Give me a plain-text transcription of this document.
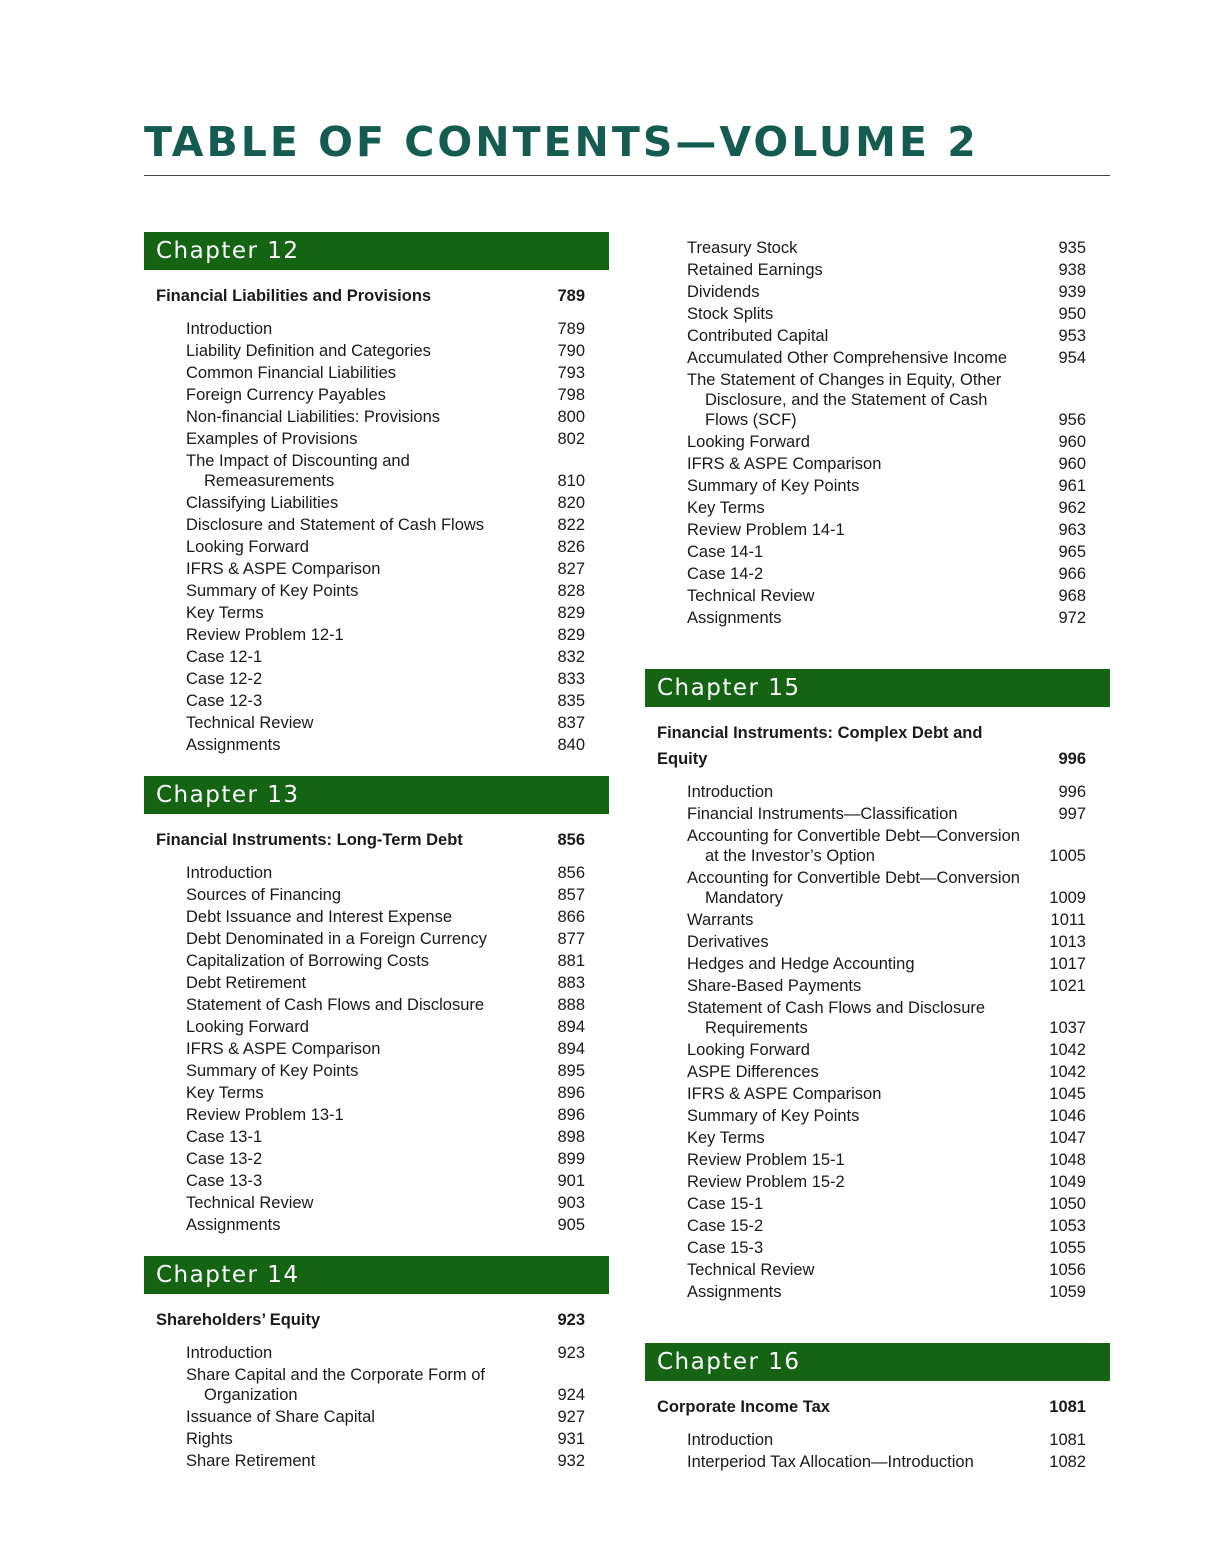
TABLE OF CONTENTS—VOLUME 2
Chapter 12
Financial Liabilities and Provisions	789
Introduction	789
Liability Definition and Categories	790
Common Financial Liabilities	793
Foreign Currency Payables	798
Non-financial Liabilities: Provisions	800
Examples of Provisions	802
The Impact of Discounting and Remeasurements	810
Classifying Liabilities	820
Disclosure and Statement of Cash Flows	822
Looking Forward	826
IFRS & ASPE Comparison	827
Summary of Key Points	828
Key Terms	829
Review Problem 12-1	829
Case 12-1	832
Case 12-2	833
Case 12-3	835
Technical Review	837
Assignments	840
Chapter 13
Financial Instruments: Long-Term Debt	856
Introduction	856
Sources of Financing	857
Debt Issuance and Interest Expense	866
Debt Denominated in a Foreign Currency	877
Capitalization of Borrowing Costs	881
Debt Retirement	883
Statement of Cash Flows and Disclosure	888
Looking Forward	894
IFRS & ASPE Comparison	894
Summary of Key Points	895
Key Terms	896
Review Problem 13-1	896
Case 13-1	898
Case 13-2	899
Case 13-3	901
Technical Review	903
Assignments	905
Chapter 14
Shareholders’ Equity	923
Introduction	923
Share Capital and the Corporate Form of Organization	924
Issuance of Share Capital	927
Rights	931
Share Retirement	932
Treasury Stock	935
Retained Earnings	938
Dividends	939
Stock Splits	950
Contributed Capital	953
Accumulated Other Comprehensive Income	954
The Statement of Changes in Equity, Other Disclosure, and the Statement of Cash Flows (SCF)	956
Looking Forward	960
IFRS & ASPE Comparison	960
Summary of Key Points	961
Key Terms	962
Review Problem 14-1	963
Case 14-1	965
Case 14-2	966
Technical Review	968
Assignments	972
Chapter 15
Financial Instruments: Complex Debt and Equity	996
Introduction	996
Financial Instruments—Classification	997
Accounting for Convertible Debt—Conversion at the Investor’s Option	1005
Accounting for Convertible Debt—Conversion Mandatory	1009
Warrants	1011
Derivatives	1013
Hedges and Hedge Accounting	1017
Share-Based Payments	1021
Statement of Cash Flows and Disclosure Requirements	1037
Looking Forward	1042
ASPE Differences	1042
IFRS & ASPE Comparison	1045
Summary of Key Points	1046
Key Terms	1047
Review Problem 15-1	1048
Review Problem 15-2	1049
Case 15-1	1050
Case 15-2	1053
Case 15-3	1055
Technical Review	1056
Assignments	1059
Chapter 16
Corporate Income Tax	1081
Introduction	1081
Interperiod Tax Allocation—Introduction	1082
